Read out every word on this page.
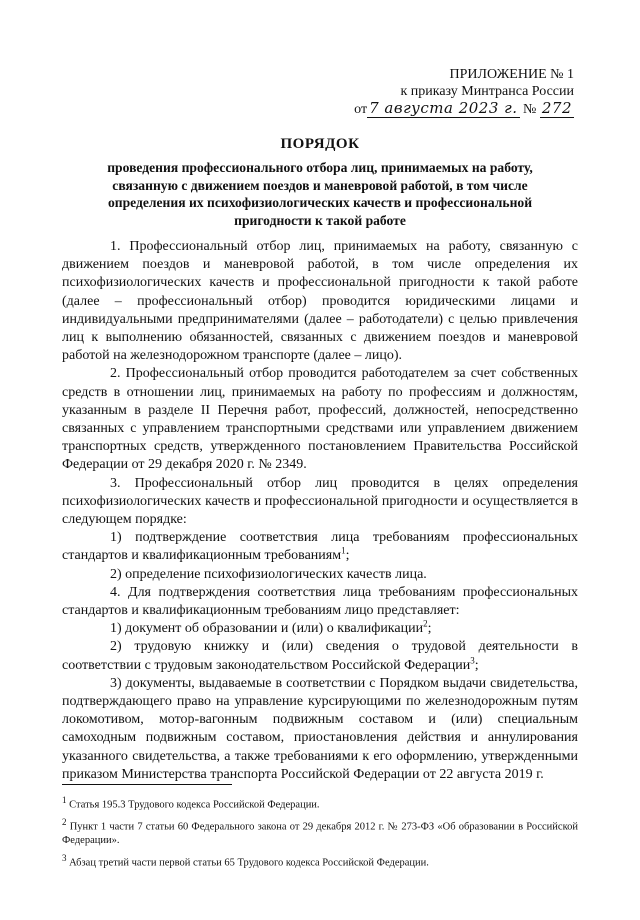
ПРИЛОЖЕНИЕ № 1
к приказу Минтранса России
от 7 августа 2023 г. № 272
ПОРЯДОК
проведения профессионального отбора лиц, принимаемых на работу, связанную с движением поездов и маневровой работой, в том числе определения их психофизиологических качеств и профессиональной пригодности к такой работе

1. Профессиональный отбор лиц, принимаемых на работу, связанную с движением поездов и маневровой работой, в том числе определения их психофизиологических качеств и профессиональной пригодности к такой работе (далее – профессиональный отбор) проводится юридическими лицами и индивидуальными предпринимателями (далее – работодатели) с целью привлечения лиц к выполнению обязанностей, связанных с движением поездов и маневровой работой на железнодорожном транспорте (далее – лицо).

2. Профессиональный отбор проводится работодателем за счет собственных средств в отношении лиц, принимаемых на работу по профессиям и должностям, указанным в разделе II Перечня работ, профессий, должностей, непосредственно связанных с управлением транспортными средствами или управлением движением транспортных средств, утвержденного постановлением Правительства Российской Федерации от 29 декабря 2020 г. № 2349.

3. Профессиональный отбор лиц проводится в целях определения психофизиологических качеств и профессиональной пригодности и осуществляется в следующем порядке:

1) подтверждение соответствия лица требованиям профессиональных стандартов и квалификационным требованиям$^1$;

2) определение психофизиологических качеств лица.

4. Для подтверждения соответствия лица требованиям профессиональных стандартов и квалификационным требованиям лицо представляет:

1) документ об образовании и (или) о квалификации$^2$;

2) трудовую книжку и (или) сведения о трудовой деятельности в соответствии с трудовым законодательством Российской Федерации$^3$;

3) документы, выдаваемые в соответствии с Порядком выдачи свидетельства, подтверждающего право на управление курсирующими по железнодорожным путям локомотивом, мотор-вагонным подвижным составом и (или) специальным самоходным подвижным составом, приостановления действия и аннулирования указанного свидетельства, а также требованиями к его оформлению, утвержденными приказом Министерства транспорта Российской Федерации от 22 августа 2019 г.

$^1$ Статья 195.3 Трудового кодекса Российской Федерации.

$^2$ Пункт 1 части 7 статьи 60 Федерального закона от 29 декабря 2012 г. № 273-ФЗ «Об образовании в Российской Федерации».

$^3$ Абзац третий части первой статьи 65 Трудового кодекса Российской Федерации.
